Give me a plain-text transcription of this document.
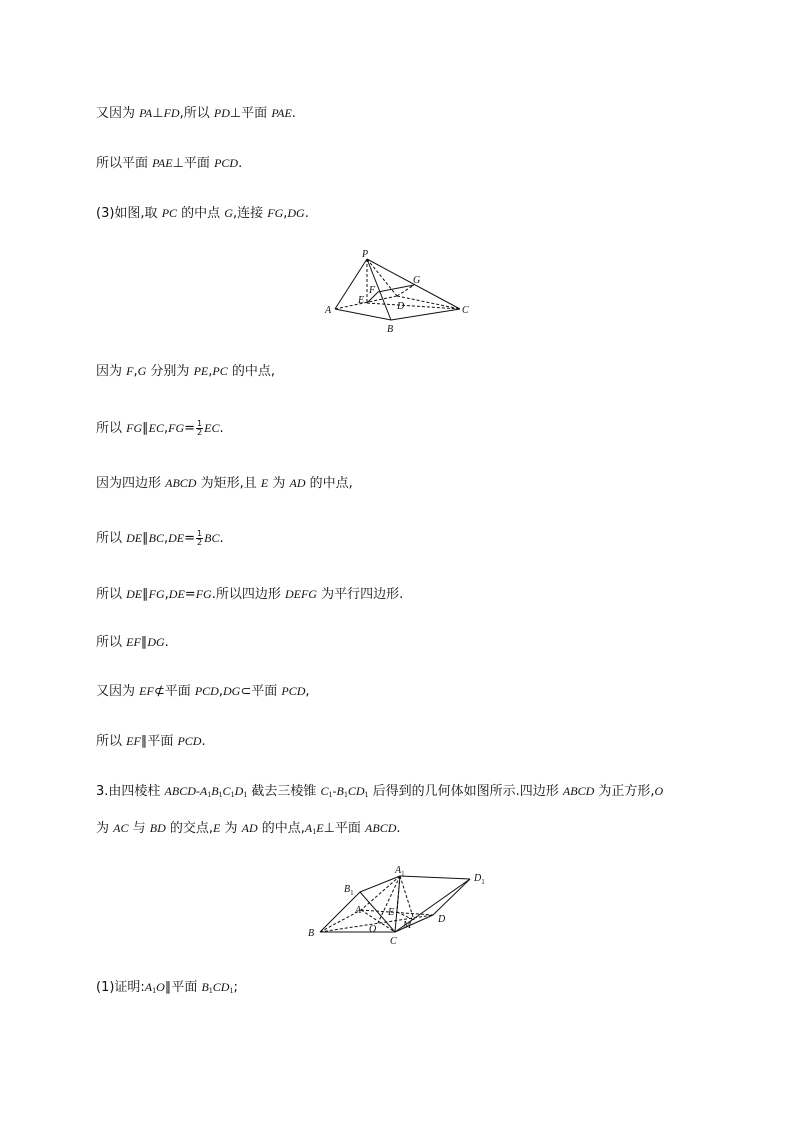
又因为 PA⊥FD,所以 PD⊥平面 PAE.
所以平面 PAE⊥平面 PCD.
(3)如图,取 PC 的中点 G,连接 FG,DG.
P
A
B
C
D
E
F
G
因为 F,G 分别为 PE,PC 的中点,
所以 FG∥EC,FG= $\frac{1}{2}$ EC.
因为四边形 ABCD 为矩形,且 E 为 AD 的中点,
所以 DE∥BC,DE= $\frac{1}{2}$ BC.
所以 DE∥FG,DE=FG.所以四边形 DEFG 为平行四边形.
所以 EF∥DG.
又因为 EF⊄平面 PCD,DG⊂平面 PCD,
所以 EF∥平面 PCD.
3.由四棱柱 ABCD-$A_1B_1C_1D_1$ 截去三棱锥 $C_1-B_1CD_1$ 后得到的几何体如图所示.四边形 ABCD 为正方形,O
为 AC 与 BD 的交点,E 为 AD 的中点$,A_1E\perp$平面 ABCD.
$A_1$
$B_1$
$D_1$
A
B
C
D
E
O	M
(1)证明$:A_1O\parallel$平面 $B_1CD_1$;
